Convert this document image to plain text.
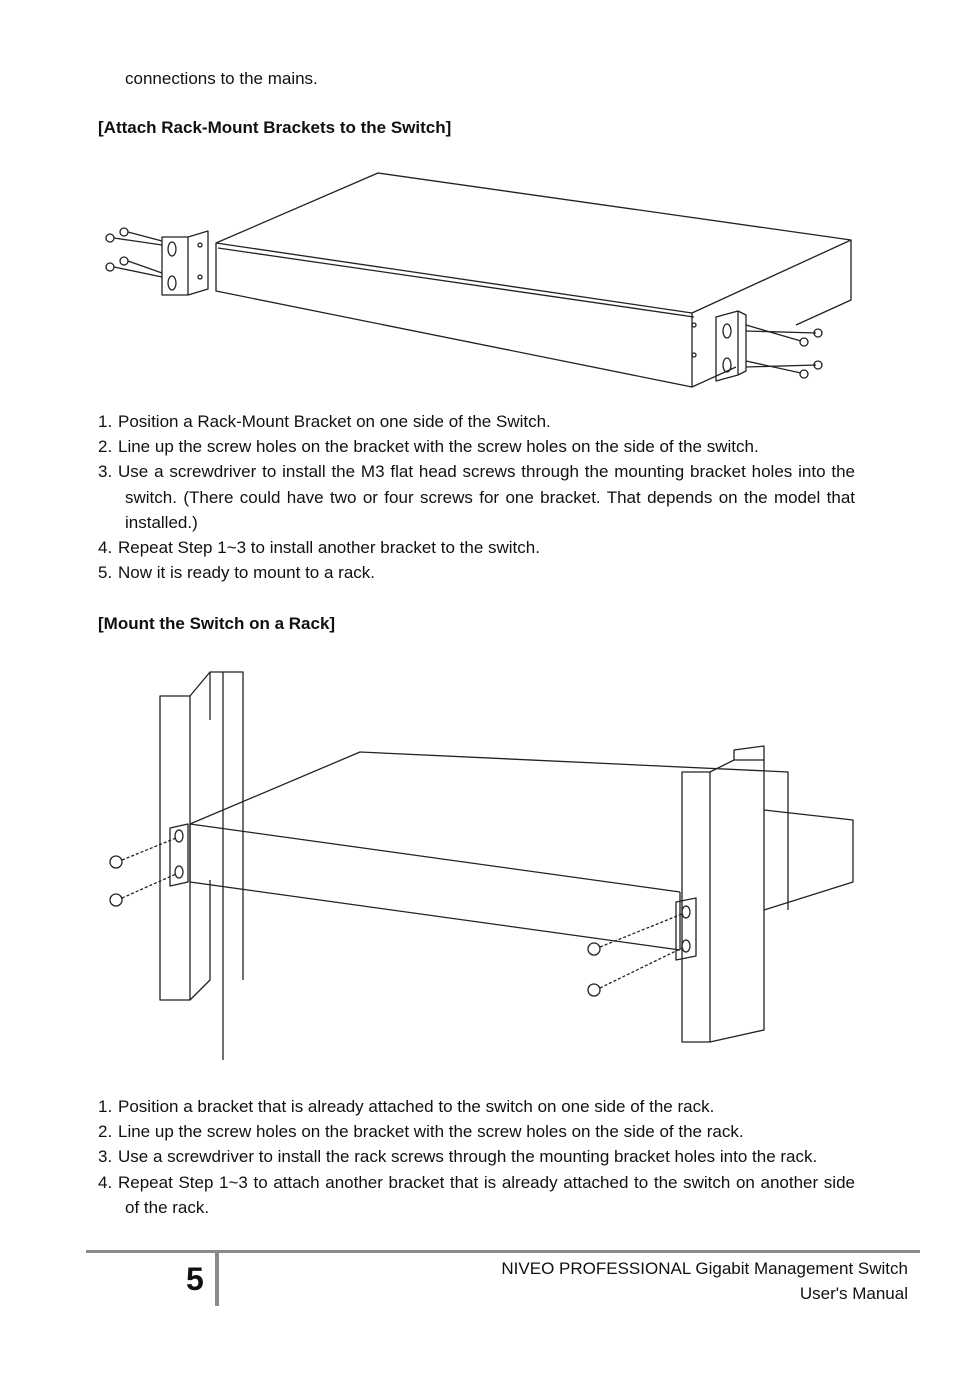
connections to the mains.
[Attach Rack-Mount Brackets to the Switch]
1. Position a Rack-Mount Bracket on one side of the Switch.
2. Line up the screw holes on the bracket with the screw holes on the side of the switch.
3. Use a screwdriver to install the M3 flat head screws through the mounting bracket holes into the switch. (There could have two or four screws for one bracket. That depends on the model that installed.)
4. Repeat Step 1~3 to install another bracket to the switch.
5. Now it is ready to mount to a rack.
[Mount the Switch on a Rack]
1. Position a bracket that is already attached to the switch on one side of the rack.
2. Line up the screw holes on the bracket with the screw holes on the side of the rack.
3. Use a screwdriver to install the rack screws through the mounting bracket holes into the rack.
4. Repeat Step 1~3 to attach another bracket that is already attached to the switch on another side of the rack.
5	NIVEO PROFESSIONAL Gigabit Management Switch
User's Manual
